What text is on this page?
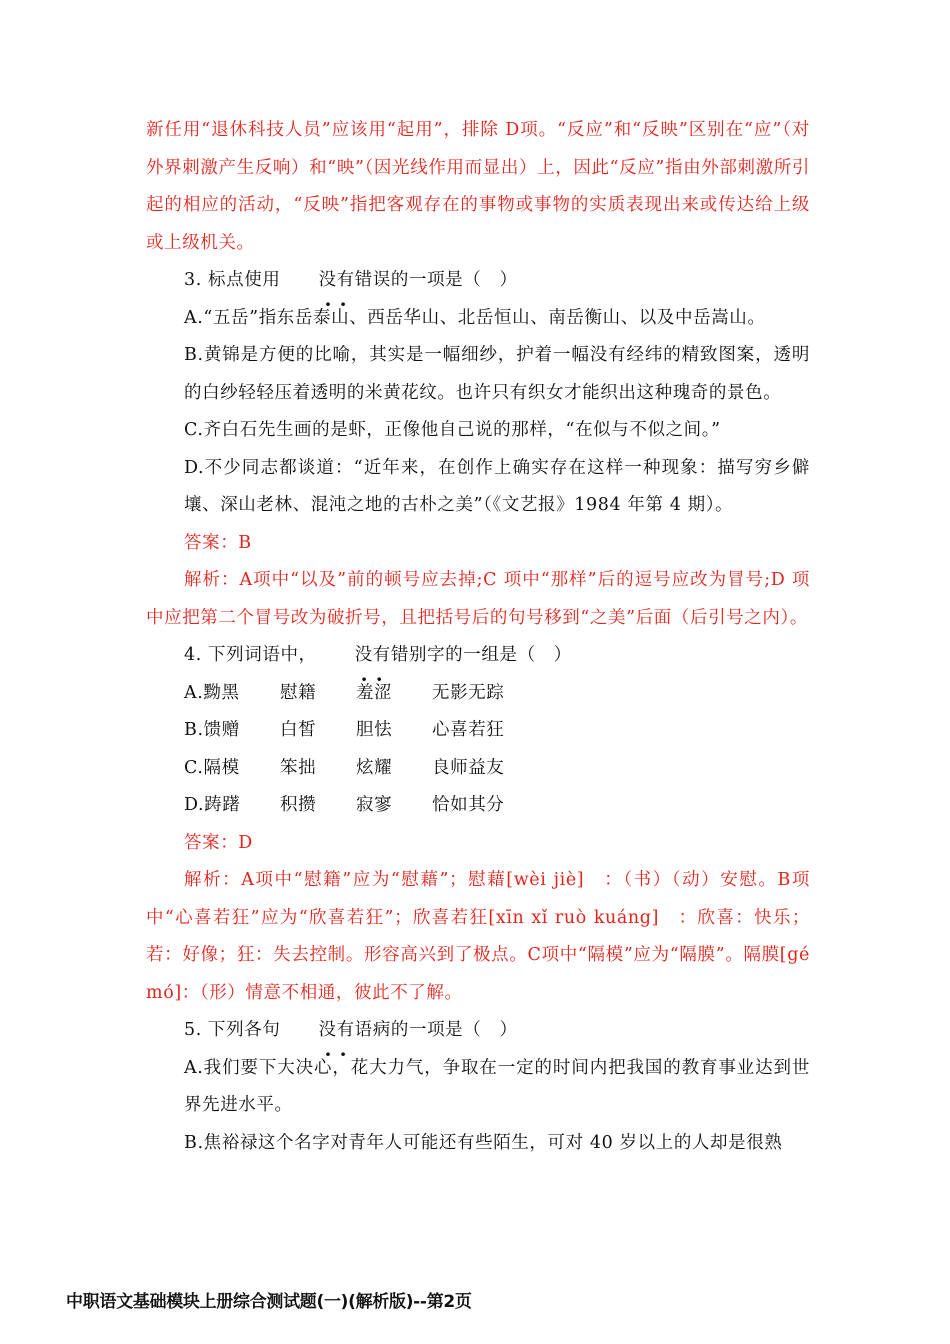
新任用“退休科技人员”应该用“起用”，排除 D项。“反应”和“反映”区别在“应”（对外界刺激产生反响）和“映”（因光线作用而显出）上，因此“反应”指由外部刺激所引起的相应的活动，“反映”指把客观存在的事物或事物的实质表现出来或传达给上级或上级机关。

3. 标点使用 没有 · ·错误的一项是（　）

A.“五岳”指东岳泰山、西岳华山、北岳恒山、南岳衡山、以及中岳嵩山。

B.黄锦是方便的比喻，其实是一幅细纱，护着一幅没有经纬的精致图案，透明的白纱轻轻压着透明的米黄花纹。也许只有织女才能织出这种瑰奇的景色。

C.齐白石先生画的是虾，正像他自己说的那样，“在似与不似之间。”

D.不少同志都谈道：“近年来，在创作上确实存在这样一种现象：描写穷乡僻壤、深山老林、混沌之地的古朴之美”（《文艺报》1984 年第 4 期）。

答案：B

解析：A项中“以及”前的顿号应去掉;C 项中“那样”后的逗号应改为冒号;D 项中应把第二个冒号改为破折号，且把括号后的句号移到“之美”后面（后引号之内）。

4. 下列词语中， 没有 · ·错别字的一组是（　）

A.黝黑	慰籍	羞涩	无影无踪
B.馈赠	白皙	胆怯	心喜若狂
C.隔模	笨拙	炫耀	良师益友
D.踌躇	积攒	寂寥	恰如其分

答案：D

解析：A项中“慰籍”应为“慰藉”；慰藉[wèi jiè]　：（书）（动）安慰。B项中“心喜若狂”应为“欣喜若狂”；欣喜若狂[xīn xǐ ruò kuáng]　：欣喜：快乐；若：好像；狂：失去控制。形容高兴到了极点。C项中“隔模”应为“隔膜”。隔膜[gé mó]：（形）情意不相通，彼此不了解。

5. 下列各句 没有 · ·语病的一项是（　）

A.我们要下大决心，花大力气，争取在一定的时间内把我国的教育事业达到世界先进水平。

B.焦裕禄这个名字对青年人可能还有些陌生，可对 40 岁以上的人却是很熟

中职语文基础模块上册综合测试题(一)(解析版)--第2页
